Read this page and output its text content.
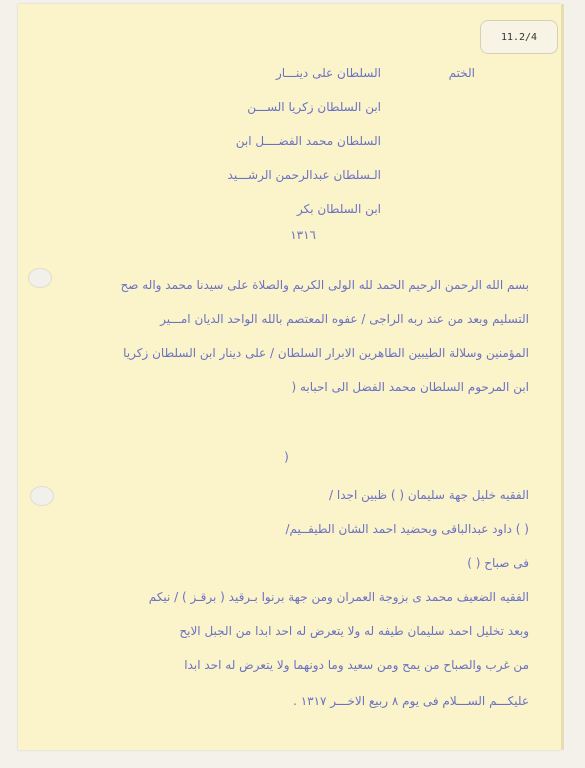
11.2/4
الختم
السلطان على دينـــار
ابن السلطان زكريا الســـن
السلطان محمد الفضــــل ابن
الـسلطان عبدالرحمن الرشـــيد
ابن السلطان بكر
١٣١٦
بسم الله الرحمن الرحيم الحمد لله الولى الكريم والصلاة على سيدنا محمد واله صح
التسليم وبعد من عند ربه الراجى / عفوه المعتصم بالله الواحد الديان امـــير
المؤمنين وسلالة الطيبين الطاهرين الابرار السلطان / على دينار ابن السلطان زكريا
ابن المرحوم السلطان محمد الفضل الى احبابه (
(
الفقيه خليل جهة سليمان ( ) ظبين اجدا /
( ) داود عبدالباقى وبحضيد احمد الشان الطيفــيم/
فى صباح ( )
الفقيه الضعيف محمد ى بزوجة العمران ومن جهة برنوا بـرقيد ( برقـز ) / نيكم
وبعد تخليل احمد سليمان طيفه له ولا يتعرض له احد ابدا من الجبل الايح
من غرب والصباح من يمح ومن سعيد وما دونهما ولا يتعرض له احد ابدا
عليكـــم الســـلام فى يوم ٨ ربيع الاخـــر ١٣١٧ .
